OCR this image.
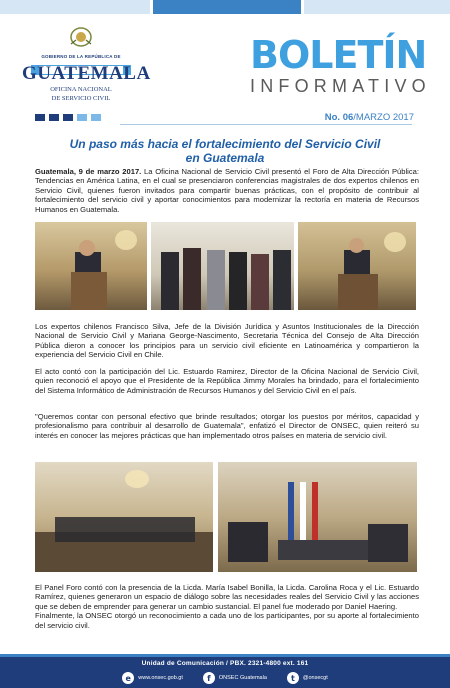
GOBIERNO DE LA REPÚBLICA DE
GUATEMALA
OFICINA NACIONAL
DE SERVICIO CIVIL
BOLETÍN
INFORMATIVO
No. 06/MARZO 2017
Un paso más hacia el fortalecimiento del Servicio Civil
en Guatemala
Guatemala, 9 de marzo 2017. La Oficina Nacional de Servicio Civil presentó el Foro de Alta Dirección Pública: Tendencias en América Latina, en el cual se presenciaron conferencias magistrales de dos expertos chilenos en Servicio Civil, quienes fueron invitados para compartir buenas prácticas, con el propósito de contribuir al fortalecimiento del servicio civil y aportar conocimientos para modernizar la rectoría en materia de Recursos Humanos en Guatemala.
Los expertos chilenos Francisco Silva, Jefe de la División Jurídica y Asuntos Institucionales de la Dirección Nacional de Servicio Civil y Mariana George-Nascimento, Secretaria Técnica del Consejo de Alta Dirección Pública dieron a conocer los principios para un servicio civil eficiente en Latinoamérica y compartieron la experiencia del Servicio Civil en Chile.
El acto contó con la participación del Lic. Estuardo Ramirez, Director de la Oficina Nacional de Servicio Civil, quien reconoció el apoyo que el Presidente de la República Jimmy Morales ha brindado, para el fortalecimiento del Sistema Informático de Administración de Recursos Humanos y del Servicio Civil en el país.
"Queremos contar con personal efectivo que brinde resultados; otorgar los puestos por méritos, capacidad y profesionalismo para contribuir al desarrollo de Guatemala", enfatizó el Director de ONSEC, quien reiteró su interés en conocer las mejores prácticas que han implementado otros países en materia de servicio civil.
El Panel Foro contó con la presencia de la Licda. María Isabel Bonilla, la Licda. Carolina Roca y el Lic. Estuardo Ramírez, quienes generaron un espacio de diálogo sobre las necesidades reales del Servicio Civil y las acciones que se deben de emprender para generar un cambio sustancial. El panel fue moderado por Daniel Haering.
Finalmente, la ONSEC otorgó un reconocimiento a cada uno de los participantes, por su aporte al fortalecimiento del servicio civil.
Unidad de Comunicación / PBX. 2321-4800 ext. 161
e	www.onsec.gob.gt	f	ONSEC Guatemala	t	@onsecgt
